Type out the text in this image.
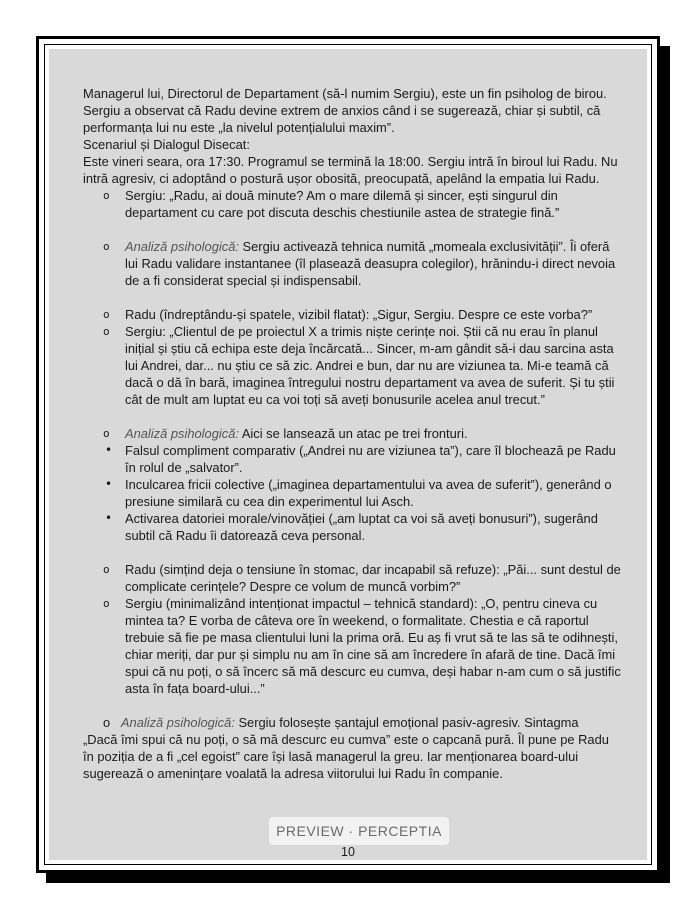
Managerul lui, Directorul de Departament (să-l numim Sergiu), este un fin psiholog de birou. Sergiu a observat că Radu devine extrem de anxios când i se sugerează, chiar și subtil, că performanța lui nu este „la nivelul potențialului maxim”.

Scenariul și Dialogul Disecat:

Este vineri seara, ora 17:30. Programul se termină la 18:00. Sergiu intră în biroul lui Radu. Nu intră agresiv, ci adoptând o postură ușor obosită, preocupată, apelând la empatia lui Radu.

o	Sergiu: „Radu, ai două minute? Am o mare dilemă și sincer, ești singurul din departament cu care pot discuta deschis chestiunile astea de strategie fină.”

o	Analiză psihologică: Sergiu activează tehnica numită „momeala exclusivității”. Îi oferă lui Radu validare instantanee (îl plasează deasupra colegilor), hrănindu-i direct nevoia de a fi considerat special și indispensabil.

o	Radu (îndreptându-și spatele, vizibil flatat): „Sigur, Sergiu. Despre ce este vorba?”

o	Sergiu: „Clientul de pe proiectul X a trimis niște cerințe noi. Știi că nu erau în planul inițial și știu că echipa este deja încărcată... Sincer, m-am gândit să-i dau sarcina asta lui Andrei, dar... nu știu ce să zic. Andrei e bun, dar nu are viziunea ta. Mi-e teamă că dacă o dă în bară, imaginea întregului nostru departament va avea de suferit. Și tu știi cât de mult am luptat eu ca voi toți să aveți bonusurile acelea anul trecut.”

o	Analiză psihologică: Aici se lansează un atac pe trei fronturi.

•	Falsul compliment comparativ („Andrei nu are viziunea ta”), care îl blochează pe Radu în rolul de „salvator”.

•	Inculcarea fricii colective („imaginea departamentului va avea de suferit”), generând o presiune similară cu cea din experimentul lui Asch.

•	Activarea datoriei morale/vinovăției („am luptat ca voi să aveți bonusuri”), sugerând subtil că Radu îi datorează ceva personal.

o	Radu (simțind deja o tensiune în stomac, dar incapabil să refuze): „Păi... sunt destul de complicate cerințele? Despre ce volum de muncă vorbim?”

o	Sergiu (minimalizând intenționat impactul – tehnică standard): „O, pentru cineva cu mintea ta? E vorba de câteva ore în weekend, o formalitate. Chestia e că raportul trebuie să fie pe masa clientului luni la prima oră. Eu aș fi vrut să te las să te odihnești, chiar meriți, dar pur și simplu nu am în cine să am încredere în afară de tine. Dacă îmi spui că nu poți, o să încerc să mă descurc eu cumva, deși habar n-am cum o să justific asta în fața board-ului...”

o Analiză psihologică: Sergiu folosește șantajul emoțional pasiv-agresiv. Sintagma

„Dacă îmi spui că nu poți, o să mă descurc eu cumva” este o capcană pură. Îl pune pe Radu în poziția de a fi „cel egoist” care își lasă managerul la greu. Iar menționarea board-ului sugerează o amenințare voalată la adresa viitorului lui Radu în companie.

PREVIEW · PERCEPTIA
10
